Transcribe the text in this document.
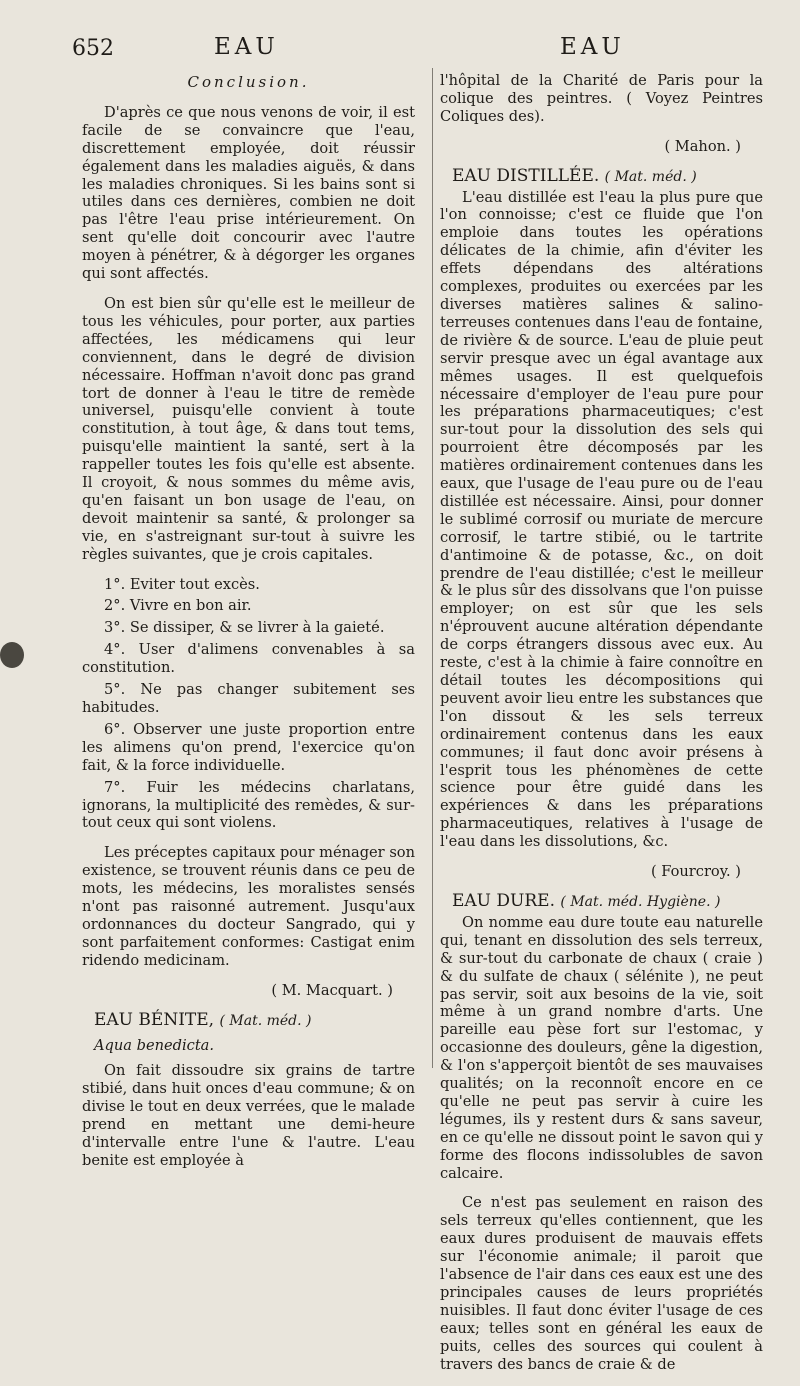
652	EAU	EAU
Conclusion.

D'après ce que nous venons de voir, il est facile de se convaincre que l'eau, discrettement employée, doit réussir également dans les maladies aiguës, & dans les maladies chroniques. Si les bains sont si utiles dans ces dernières, combien ne doit pas l'être l'eau prise intérieurement. On sent qu'elle doit concourir avec l'autre moyen à pénétrer, & à dégorger les organes qui sont affectés.

On est bien sûr qu'elle est le meilleur de tous les véhicules, pour porter, aux parties affectées, les médicamens qui leur conviennent, dans le degré de division nécessaire. Hoffman n'avoit donc pas grand tort de donner à l'eau le titre de remède universel, puisqu'elle convient à toute constitution, à tout âge, & dans tout tems, puisqu'elle maintient la santé, sert à la rappeller toutes les fois qu'elle est absente. Il croyoit, & nous sommes du même avis, qu'en faisant un bon usage de l'eau, on devoit maintenir sa santé, & prolonger sa vie, en s'astreignant sur-tout à suivre les règles suivantes, que je crois capitales.

1°. Eviter tout excès.

2°. Vivre en bon air.

3°. Se dissiper, & se livrer à la gaieté.

4°. User d'alimens convenables à sa constitution.

5°. Ne pas changer subitement ses habitudes.

6°. Observer une juste proportion entre les alimens qu'on prend, l'exercice qu'on fait, & la force individuelle.

7°. Fuir les médecins charlatans, ignorans, la multiplicité des remèdes, & sur-tout ceux qui sont violens.

Les préceptes capitaux pour ménager son existence, se trouvent réunis dans ce peu de mots, les médecins, les moralistes sensés n'ont pas raisonné autrement. Jusqu'aux ordonnances du docteur Sangrado, qui y sont parfaitement conformes: Castigat enim ridendo medicinam.

( M. Macquart. )
EAU BÉNITE, ( Mat. méd. )
Aqua benedicta.

On fait dissoudre six grains de tartre stibié, dans huit onces d'eau commune; & on divise le tout en deux verrées, que le malade prend en mettant une demi-heure d'intervalle entre l'une & l'autre. L'eau benite est employée à

l'hôpital de la Charité de Paris pour la colique des peintres. ( Voyez Peintres Coliques des).

( Mahon. )
EAU DISTILLÉE. ( Mat. méd. )

L'eau distillée est l'eau la plus pure que l'on connoisse; c'est ce fluide que l'on emploie dans toutes les opérations délicates de la chimie, afin d'éviter les effets dépendans des altérations complexes, produites ou exercées par les diverses matières salines & salino-terreuses contenues dans l'eau de fontaine, de rivière & de source. L'eau de pluie peut servir presque avec un égal avantage aux mêmes usages. Il est quelquefois nécessaire d'employer de l'eau pure pour les préparations pharmaceutiques; c'est sur-tout pour la dissolution des sels qui pourroient être décomposés par les matières ordinairement contenues dans les eaux, que l'usage de l'eau pure ou de l'eau distillée est nécessaire. Ainsi, pour donner le sublimé corrosif ou muriate de mercure corrosif, le tartre stibié, ou le tartrite d'antimoine & de potasse, &c., on doit prendre de l'eau distillée; c'est le meilleur & le plus sûr des dissolvans que l'on puisse employer; on est sûr que les sels n'éprouvent aucune altération dépendante de corps étrangers dissous avec eux. Au reste, c'est à la chimie à faire connoître en détail toutes les décompositions qui peuvent avoir lieu entre les substances que l'on dissout & les sels terreux ordinairement contenus dans les eaux communes; il faut donc avoir présens à l'esprit tous les phénomènes de cette science pour être guidé dans les expériences & dans les préparations pharmaceutiques, relatives à l'usage de l'eau dans les dissolutions, &c.

( Fourcroy. )
EAU DURE. ( Mat. méd. Hygiène. )

On nomme eau dure toute eau naturelle qui, tenant en dissolution des sels terreux, & sur-tout du carbonate de chaux ( craie ) & du sulfate de chaux ( sélénite ), ne peut pas servir, soit aux besoins de la vie, soit même à un grand nombre d'arts. Une pareille eau pèse fort sur l'estomac, y occasionne des douleurs, gêne la digestion, & l'on s'apperçoit bientôt de ses mauvaises qualités; on la reconnoît encore en ce qu'elle ne peut pas servir à cuire les légumes, ils y restent durs & sans saveur, en ce qu'elle ne dissout point le savon qui y forme des flocons indissolubles de savon calcaire.

Ce n'est pas seulement en raison des sels terreux qu'elles contiennent, que les eaux dures produisent de mauvais effets sur l'économie animale; il paroit que l'absence de l'air dans ces eaux est une des principales causes de leurs propriétés nuisibles. Il faut donc éviter l'usage de ces eaux; telles sont en général les eaux de puits, celles des sources qui coulent à travers des bancs de craie & de
